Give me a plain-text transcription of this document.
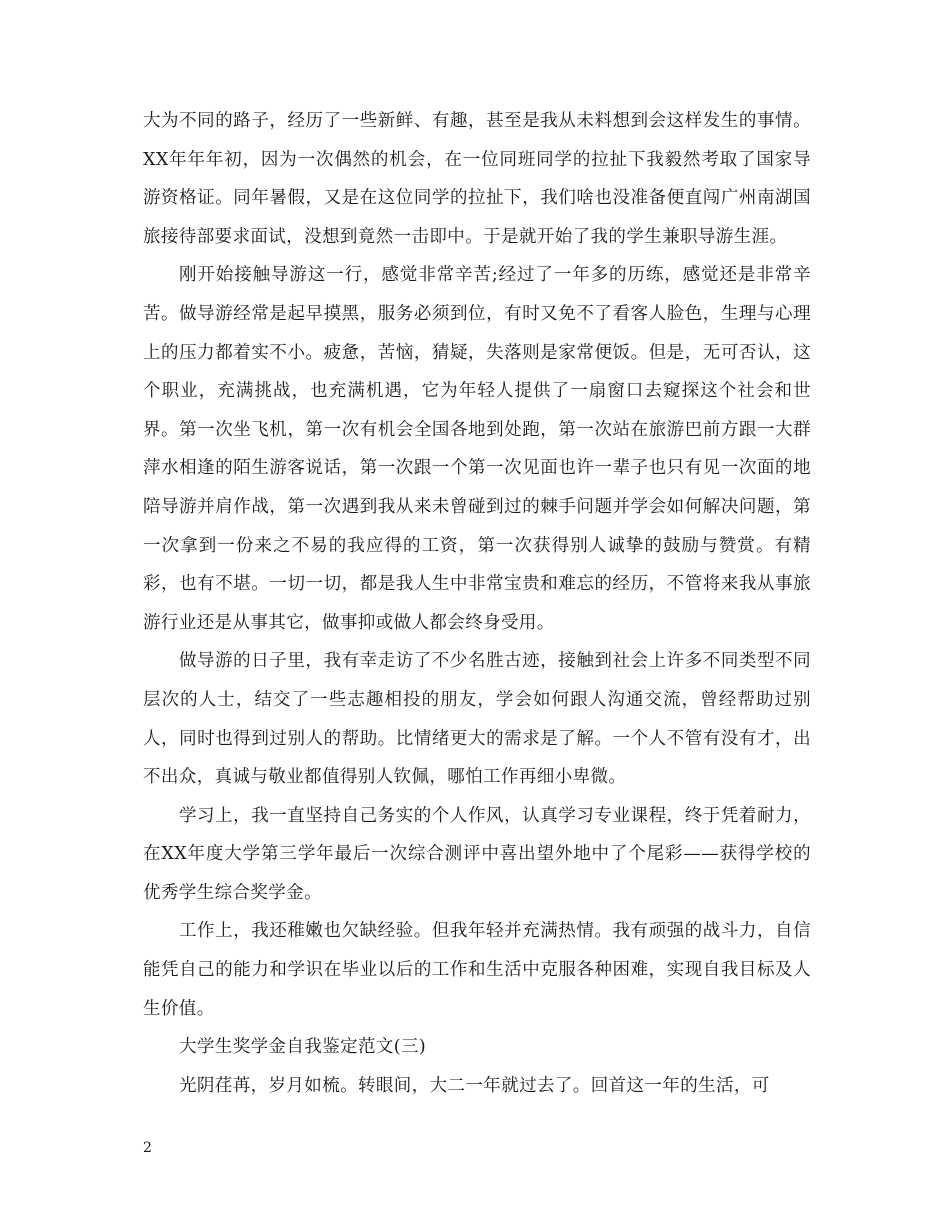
大为不同的路子，经历了一些新鲜、有趣，甚至是我从未料想到会这样发生的事情。XX年年年初，因为一次偶然的机会，在一位同班同学的拉扯下我毅然考取了国家导游资格证。同年暑假，又是在这位同学的拉扯下，我们啥也没准备便直闯广州南湖国旅接待部要求面试，没想到竟然一击即中。于是就开始了我的学生兼职导游生涯。

刚开始接触导游这一行，感觉非常辛苦;经过了一年多的历练，感觉还是非常辛苦。做导游经常是起早摸黑，服务必须到位，有时又免不了看客人脸色，生理与心理上的压力都着实不小。疲惫，苦恼，猜疑，失落则是家常便饭。但是，无可否认，这个职业，充满挑战，也充满机遇，它为年轻人提供了一扇窗口去窥探这个社会和世界。第一次坐飞机，第一次有机会全国各地到处跑，第一次站在旅游巴前方跟一大群萍水相逢的陌生游客说话，第一次跟一个第一次见面也许一辈子也只有见一次面的地陪导游并肩作战，第一次遇到我从来未曾碰到过的棘手问题并学会如何解决问题，第一次拿到一份来之不易的我应得的工资，第一次获得别人诚挚的鼓励与赞赏。有精彩，也有不堪。一切一切，都是我人生中非常宝贵和难忘的经历，不管将来我从事旅游行业还是从事其它，做事抑或做人都会终身受用。

做导游的日子里，我有幸走访了不少名胜古迹，接触到社会上许多不同类型不同层次的人士，结交了一些志趣相投的朋友，学会如何跟人沟通交流，曾经帮助过别人，同时也得到过别人的帮助。比情绪更大的需求是了解。一个人不管有没有才，出不出众，真诚与敬业都值得别人钦佩，哪怕工作再细小卑微。

学习上，我一直坚持自己务实的个人作风，认真学习专业课程，终于凭着耐力，在XX年度大学第三学年最后一次综合测评中喜出望外地中了个尾彩——获得学校的优秀学生综合奖学金。

工作上，我还稚嫩也欠缺经验。但我年轻并充满热情。我有顽强的战斗力，自信能凭自己的能力和学识在毕业以后的工作和生活中克服各种困难，实现自我目标及人生价值。

大学生奖学金自我鉴定范文(三)

光阴荏苒，岁月如梳。转眼间，大二一年就过去了。回首这一年的生活，可

2
